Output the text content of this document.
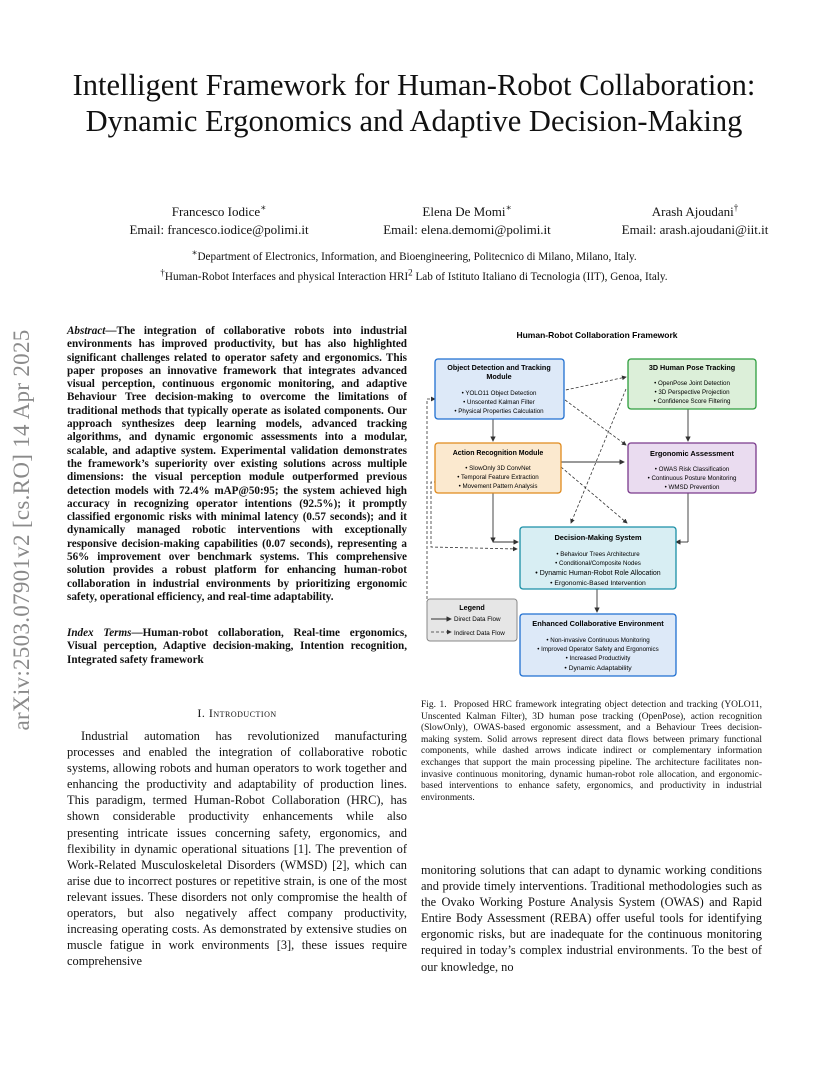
Intelligent Framework for Human-Robot Collaboration: Dynamic Ergonomics and Adaptive Decision-Making
Francesco Iodice∗
Email: francesco.iodice@polimi.it
Elena De Momi∗
Email: elena.demomi@polimi.it
Arash Ajoudani†
Email: arash.ajoudani@iit.it
∗Department of Electronics, Information, and Bioengineering, Politecnico di Milano, Milano, Italy.
†Human-Robot Interfaces and physical Interaction HRI$^2$ Lab of Istituto Italiano di Tecnologia (IIT), Genoa, Italy.
arXiv:2503.07901v2 [cs.RO] 14 Apr 2025	Abstract—The integration of collaborative robots into industrial environments has improved productivity, but has also highlighted significant challenges related to operator safety and ergonomics. This paper proposes an innovative framework that integrates advanced visual perception, continuous ergonomic monitoring, and adaptive Behaviour Tree decision-making to overcome the limitations of traditional methods that typically operate as isolated components. Our approach synthesizes deep learning models, advanced tracking algorithms, and dynamic ergonomic assessments into a modular, scalable, and adaptive system. Experimental validation demonstrates the framework’s superiority over existing solutions across multiple dimensions: the visual perception module outperformed previous detection models with 72.4% mAP@50:95; the system achieved high accuracy in recognizing operator intentions (92.5%); it promptly classified ergonomic risks with minimal latency (0.57 seconds); and it dynamically managed robotic interventions with exceptionally responsive decision-making capabilities (0.07 seconds), representing a 56% improvement over benchmark systems. This comprehensive solution provides a robust platform for enhancing human-robot collaboration in industrial environments by prioritizing ergonomic safety, operational efficiency, and real-time adaptability.
Index Terms—Human-robot collaboration, Real-time ergonomics, Visual perception, Adaptive decision-making, Intention recognition, Integrated safety framework
I. Introduction

Industrial automation has revolutionized manufacturing processes and enabled the integration of collaborative robotic systems, allowing robots and human operators to work together and enhancing the productivity and adaptability of production lines. This paradigm, termed Human-Robot Collaboration (HRC), has shown considerable productivity enhancements while also presenting intricate issues concerning safety, ergonomics, and flexibility in dynamic operational situations [1]. The prevention of Work-Related Musculoskeletal Disorders (WMSD) [2], which can arise due to incorrect postures or repetitive strain, is one of the most relevant issues. These disorders not only compromise the health of operators, but also negatively affect company productivity, increasing operating costs. As demonstrated by extensive studies on muscle fatigue in work environments [3], these issues require comprehensive

monitoring solutions that can adapt to dynamic working conditions and provide timely interventions. Traditional methodologies such as the Ovako Working Posture Analysis System (OWAS) and Rapid Entire Body Assessment (REBA) offer useful tools for identifying ergonomic risks, but are inadequate for the continuous monitoring required in today’s complex industrial environments. To the best of our knowledge, no
Fig. 1. Proposed HRC framework integrating object detection and tracking (YOLO11, Unscented Kalman Filter), 3D human pose tracking (OpenPose), action recognition (SlowOnly), OWAS-based ergonomic assessment, and a Behaviour Trees decision-making system. Solid arrows represent direct data flows between primary functional components, while dashed arrows indicate indirect or complementary information exchanges that support the main processing pipeline. The architecture facilitates non-invasive continuous monitoring, dynamic human-robot role allocation, and ergonomic-based interventions to enhance safety, ergonomics, and productivity in industrial environments.
Human-Robot Collaboration Framework
Object Detection and Tracking
Module
• YOLO11 Object Detection
• Unscented Kalman Filter
• Physical Properties Calculation
3D Human Pose Tracking
• OpenPose Joint Detection
• 3D Perspective Projection
• Confidence Score Filtering
Action Recognition Module
• SlowOnly 3D ConvNet
• Temporal Feature Extraction
• Movement Pattern Analysis
Ergonomic Assessment
• OWAS Risk Classification
• Continuous Posture Monitoring
• WMSD Prevention
Decision-Making System
• Behaviour Trees Architecture
• Conditional/Composite Nodes
• Dynamic Human-Robot Role Allocation
• Ergonomic-Based Intervention
Legend
Direct Data Flow
Indirect Data Flow
Enhanced Collaborative Environment
• Non-invasive Continuous Monitoring
• Improved Operator Safety and Ergonomics
• Increased Productivity
• Dynamic Adaptability
